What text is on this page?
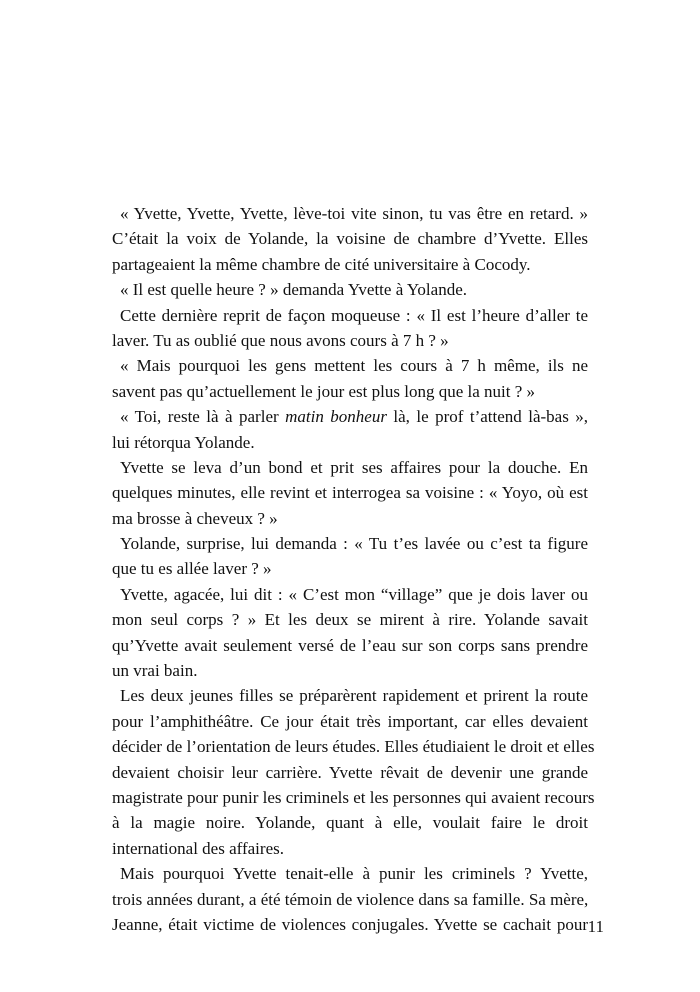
« Yvette, Yvette, Yvette, lève-toi vite sinon, tu vas être en retard. »
C’était la voix de Yolande, la voisine de chambre d’Yvette. Elles
partageaient la même chambre de cité universitaire à Cocody.
« Il est quelle heure ? » demanda Yvette à Yolande.
Cette dernière reprit de façon moqueuse : « Il est l’heure d’aller te
laver. Tu as oublié que nous avons cours à 7 h ? »
« Mais pourquoi les gens mettent les cours à 7 h même, ils ne
savent pas qu’actuellement le jour est plus long que la nuit ? »
« Toi, reste là à parler matin bonheur là, le prof t’attend là-bas »,
lui rétorqua Yolande.
Yvette se leva d’un bond et prit ses affaires pour la douche. En
quelques minutes, elle revint et interrogea sa voisine : « Yoyo, où est
ma brosse à cheveux ? »
Yolande, surprise, lui demanda : « Tu t’es lavée ou c’est ta figure
que tu es allée laver ? »
Yvette, agacée, lui dit : « C’est mon “village” que je dois laver ou
mon seul corps ? » Et les deux se mirent à rire. Yolande savait
qu’Yvette avait seulement versé de l’eau sur son corps sans prendre
un vrai bain.
Les deux jeunes filles se préparèrent rapidement et prirent la route
pour l’amphithéâtre. Ce jour était très important, car elles devaient
décider de l’orientation de leurs études. Elles étudiaient le droit et elles
devaient choisir leur carrière. Yvette rêvait de devenir une grande
magistrate pour punir les criminels et les personnes qui avaient recours
à la magie noire. Yolande, quant à elle, voulait faire le droit
international des affaires.
Mais pourquoi Yvette tenait-elle à punir les criminels ? Yvette,
trois années durant, a été témoin de violence dans sa famille. Sa mère,
Jeanne, était victime de violences conjugales. Yvette se cachait pour 11
